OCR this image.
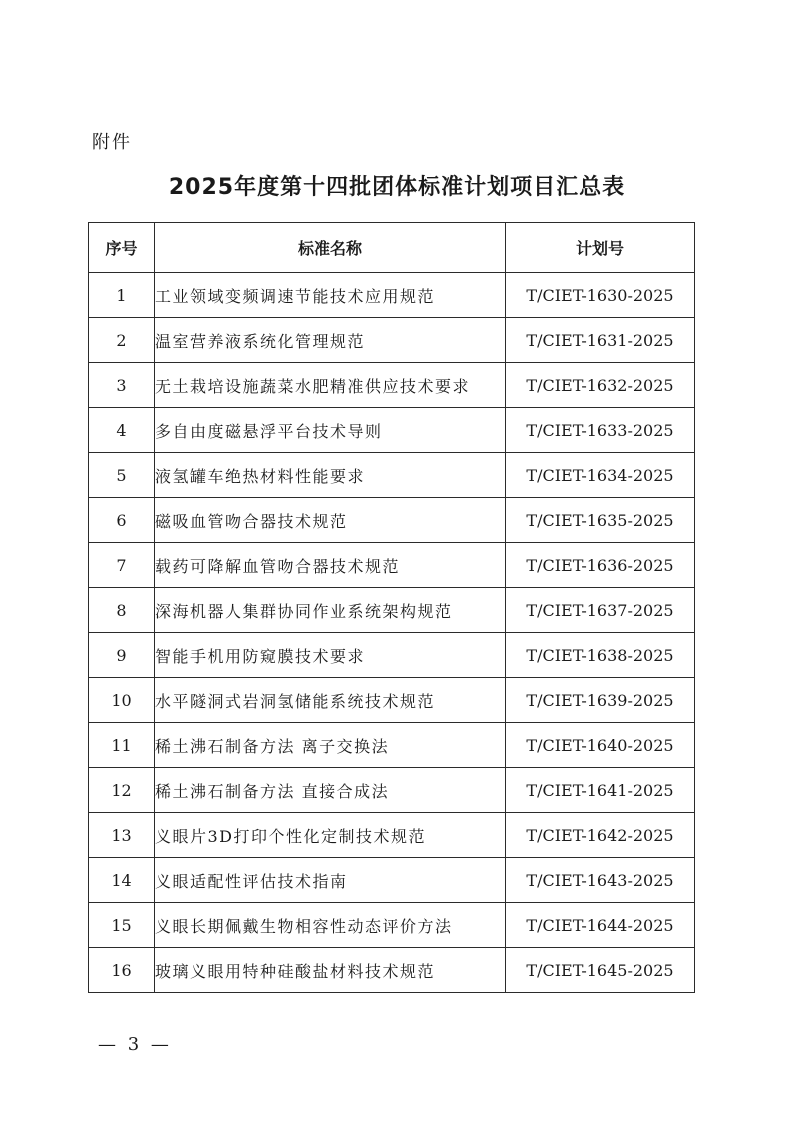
附件
2025年度第十四批团体标准计划项目汇总表
序号	标准名称	计划号
1	工业领域变频调速节能技术应用规范	T/CIET-1630-2025
2	温室营养液系统化管理规范	T/CIET-1631-2025
3	无土栽培设施蔬菜水肥精准供应技术要求	T/CIET-1632-2025
4	多自由度磁悬浮平台技术导则	T/CIET-1633-2025
5	液氢罐车绝热材料性能要求	T/CIET-1634-2025
6	磁吸血管吻合器技术规范	T/CIET-1635-2025
7	载药可降解血管吻合器技术规范	T/CIET-1636-2025
8	深海机器人集群协同作业系统架构规范	T/CIET-1637-2025
9	智能手机用防窥膜技术要求	T/CIET-1638-2025
10	水平隧洞式岩洞氢储能系统技术规范	T/CIET-1639-2025
11	稀土沸石制备方法 离子交换法	T/CIET-1640-2025
12	稀土沸石制备方法 直接合成法	T/CIET-1641-2025
13	义眼片3D打印个性化定制技术规范	T/CIET-1642-2025
14	义眼适配性评估技术指南	T/CIET-1643-2025
15	义眼长期佩戴生物相容性动态评价方法	T/CIET-1644-2025
16	玻璃义眼用特种硅酸盐材料技术规范	T/CIET-1645-2025
— 3 —
